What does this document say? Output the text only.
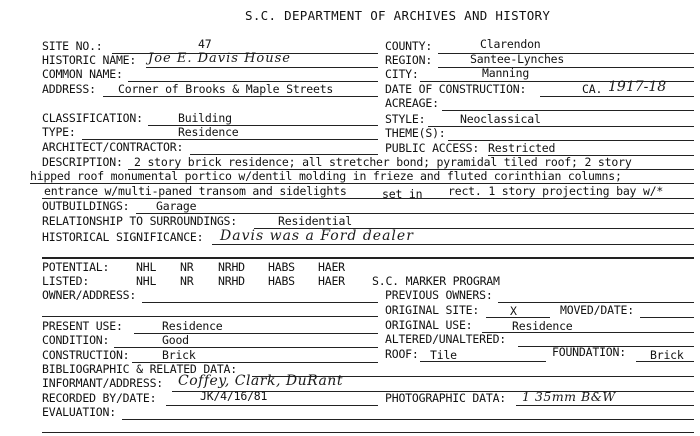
S.C. DEPARTMENT OF ARCHIVES AND HISTORY
SITE NO.:	47
HISTORIC NAME: Joe E. Davis House
COMMON NAME:
ADDRESS: Corner of Brooks & Maple Streets
CLASSIFICATION:	Building
TYPE:	Residence
ARCHITECT/CONTRACTOR:
COUNTY:	Clarendon
REGION:	Santee-Lynches
CITY:	Manning
DATE OF CONSTRUCTION:	CA. 1917-18
ACREAGE:
STYLE:	Neoclassical
THEME(S):
PUBLIC ACCESS: Restricted
DESCRIPTION: 2 story brick residence; all stretcher bond; pyramidal tiled roof; 2 story
hipped roof monumental portico w/dentil molding in frieze and fluted corinthian columns;
entrance w/multi-paned transom and sidelights	set in rect. 1 story projecting bay w/*
OUTBUILDINGS: Garage
RELATIONSHIP TO SURROUNDINGS:	Residential
HISTORICAL SIGNIFICANCE: Davis was a Ford dealer
POTENTIAL: NHL NR NRHD HABS HAER
LISTED:	NHL NR NRHD HABS HAER S.C. MARKER PROGRAM
OWNER/ADDRESS:	PREVIOUS OWNERS:
ORIGINAL SITE:	X	MOVED/DATE:
PRESENT USE:	Residence	ORIGINAL USE:	Residence
CONDITION:	Good	ALTERED/UNALTERED:
CONSTRUCTION:	Brick	ROOF: Tile	FOUNDATION: Brick
BIBLIOGRAPHIC & RELATED DATA:
INFORMANT/ADDRESS: Coffey, Clark, DuRant
RECORDED BY/DATE:	JK/4/16/81	PHOTOGRAPHIC DATA: 1 35mm B&W
EVALUATION:
